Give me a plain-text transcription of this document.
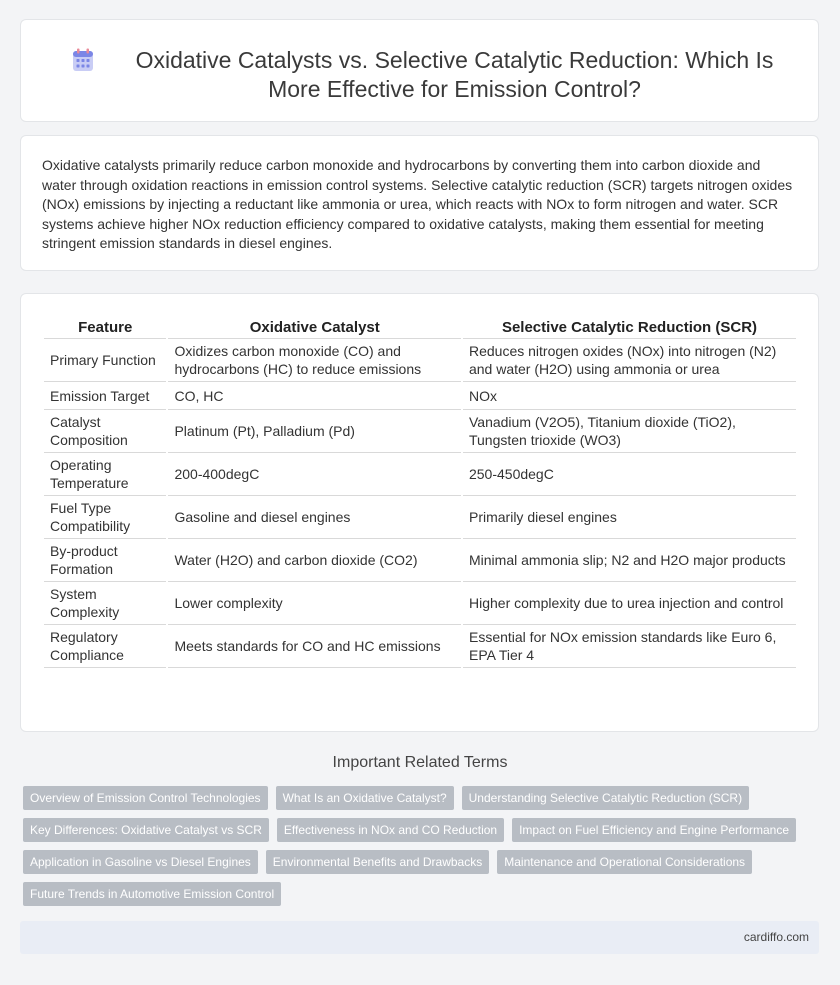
Oxidative Catalysts vs. Selective Catalytic Reduction: Which Is More Effective for Emission Control?

Oxidative catalysts primarily reduce carbon monoxide and hydrocarbons by converting them into carbon dioxide and water through oxidation reactions in emission control systems. Selective catalytic reduction (SCR) targets nitrogen oxides (NOx) emissions by injecting a reductant like ammonia or urea, which reacts with NOx to form nitrogen and water. SCR systems achieve higher NOx reduction efficiency compared to oxidative catalysts, making them essential for meeting stringent emission standards in diesel engines.

Feature	Oxidative Catalyst	Selective Catalytic Reduction (SCR)
Primary Function	Oxidizes carbon monoxide (CO) and hydrocarbons (HC) to reduce emissions	Reduces nitrogen oxides (NOx) into nitrogen (N2) and water (H2O) using ammonia or urea
Emission Target	CO, HC	NOx
Catalyst Composition	Platinum (Pt), Palladium (Pd)	Vanadium (V2O5), Titanium dioxide (TiO2), Tungsten trioxide (WO3)
Operating Temperature	200-400degC	250-450degC
Fuel Type Compatibility	Gasoline and diesel engines	Primarily diesel engines
By-product Formation	Water (H2O) and carbon dioxide (CO2)	Minimal ammonia slip; N2 and H2O major products
System Complexity	Lower complexity	Higher complexity due to urea injection and control
Regulatory Compliance	Meets standards for CO and HC emissions	Essential for NOx emission standards like Euro 6, EPA Tier 4
Important Related Terms
Overview of Emission Control Technologies	What Is an Oxidative Catalyst?	Understanding Selective Catalytic Reduction (SCR)
Key Differences: Oxidative Catalyst vs SCR	Effectiveness in NOx and CO Reduction	Impact on Fuel Efficiency and Engine Performance
Application in Gasoline vs Diesel Engines	Environmental Benefits and Drawbacks	Maintenance and Operational Considerations
Future Trends in Automotive Emission Control
cardiffo.com
